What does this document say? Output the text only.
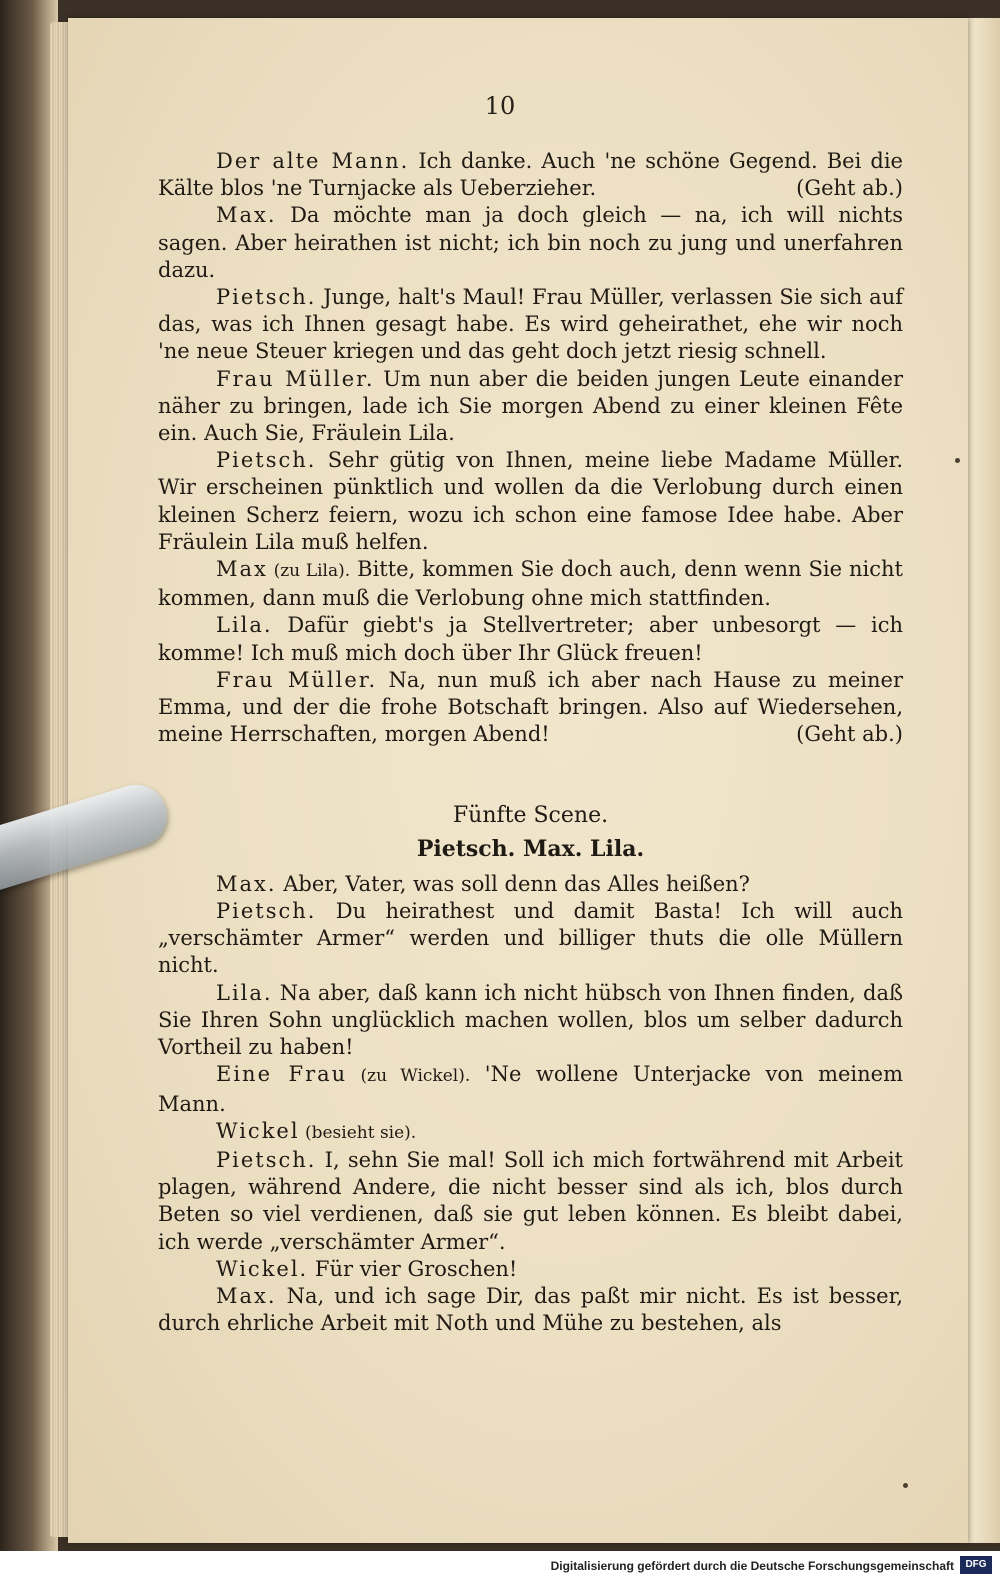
10

Der alte Mann. Ich danke. Auch 'ne schöne Gegend. Bei die Kälte blos 'ne Turnjacke als Ueberzieher.	(Geht ab.)

Max. Da möchte man ja doch gleich — na, ich will nichts sagen. Aber heirathen ist nicht; ich bin noch zu jung und unerfahren dazu.

Pietsch. Junge, halt's Maul! Frau Müller, verlassen Sie sich auf das, was ich Ihnen gesagt habe. Es wird geheirathet, ehe wir noch 'ne neue Steuer kriegen und das geht doch jetzt riesig schnell.

Frau Müller. Um nun aber die beiden jungen Leute einander näher zu bringen, lade ich Sie morgen Abend zu einer kleinen Fête ein. Auch Sie, Fräulein Lila.

Pietsch. Sehr gütig von Ihnen, meine liebe Madame Müller. Wir erscheinen pünktlich und wollen da die Verlobung durch einen kleinen Scherz feiern, wozu ich schon eine famose Idee habe. Aber Fräulein Lila muß helfen.

Max (zu Lila). Bitte, kommen Sie doch auch, denn wenn Sie nicht kommen, dann muß die Verlobung ohne mich stattfinden.

Lila. Dafür giebt's ja Stellvertreter; aber unbesorgt — ich komme! Ich muß mich doch über Ihr Glück freuen!

Frau Müller. Na, nun muß ich aber nach Hause zu meiner Emma, und der die frohe Botschaft bringen. Also auf Wiedersehen, meine Herrschaften, morgen Abend!	(Geht ab.)

Fünfte Scene.

Pietsch. Max. Lila.

Max. Aber, Vater, was soll denn das Alles heißen?

Pietsch. Du heirathest und damit Basta! Ich will auch „verschämter Armer“ werden und billiger thuts die olle Müllern nicht.

Lila. Na aber, daß kann ich nicht hübsch von Ihnen finden, daß Sie Ihren Sohn unglücklich machen wollen, blos um selber dadurch Vortheil zu haben!

Eine Frau (zu Wickel). 'Ne wollene Unterjacke von meinem Mann.

Wickel (besieht sie).

Pietsch. I, sehn Sie mal! Soll ich mich fortwährend mit Arbeit plagen, während Andere, die nicht besser sind als ich, blos durch Beten so viel verdienen, daß sie gut leben können. Es bleibt dabei, ich werde „verschämter Armer“.

Wickel. Für vier Groschen!

Max. Na, und ich sage Dir, das paßt mir nicht. Es ist besser, durch ehrliche Arbeit mit Noth und Mühe zu bestehen, als

Digitalisierung gefördert durch die Deutsche Forschungsgemeinschaft	DFG
